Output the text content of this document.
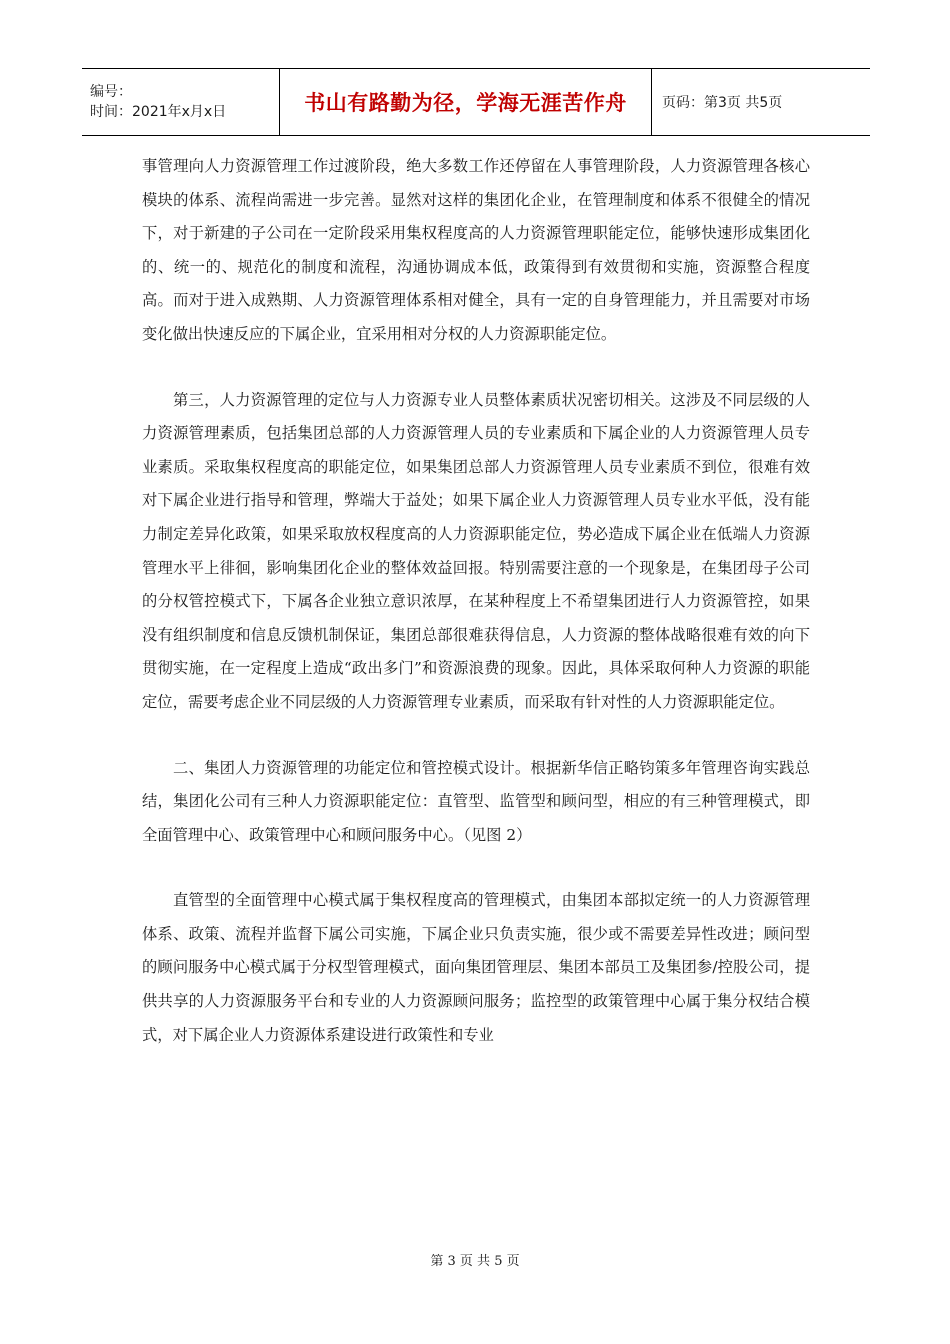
编号：
时间：2021年x月x日	书山有路勤为径，学海无涯苦作舟	页码：第3页 共5页

事管理向人力资源管理工作过渡阶段，绝大多数工作还停留在人事管理阶段，人力资源管理各核心模块的体系、流程尚需进一步完善。显然对这样的集团化企业，在管理制度和体系不很健全的情况下，对于新建的子公司在一定阶段采用集权程度高的人力资源管理职能定位，能够快速形成集团化的、统一的、规范化的制度和流程，沟通协调成本低，政策得到有效贯彻和实施，资源整合程度高。而对于进入成熟期、人力资源管理体系相对健全，具有一定的自身管理能力，并且需要对市场变化做出快速反应的下属企业，宜采用相对分权的人力资源职能定位。

第三，人力资源管理的定位与人力资源专业人员整体素质状况密切相关。这涉及不同层级的人力资源管理素质，包括集团总部的人力资源管理人员的专业素质和下属企业的人力资源管理人员专业素质。采取集权程度高的职能定位，如果集团总部人力资源管理人员专业素质不到位，很难有效对下属企业进行指导和管理，弊端大于益处；如果下属企业人力资源管理人员专业水平低，没有能力制定差异化政策，如果采取放权程度高的人力资源职能定位，势必造成下属企业在低端人力资源管理水平上徘徊，影响集团化企业的整体效益回报。特别需要注意的一个现象是，在集团母子公司的分权管控模式下，下属各企业独立意识浓厚，在某种程度上不希望集团进行人力资源管控，如果没有组织制度和信息反馈机制保证，集团总部很难获得信息，人力资源的整体战略很难有效的向下贯彻实施，在一定程度上造成“政出多门”和资源浪费的现象。因此，具体采取何种人力资源的职能定位，需要考虑企业不同层级的人力资源管理专业素质，而采取有针对性的人力资源职能定位。

二、集团人力资源管理的功能定位和管控模式设计。根据新华信正略钧策多年管理咨询实践总结，集团化公司有三种人力资源职能定位：直管型、监管型和顾问型，相应的有三种管理模式，即全面管理中心、政策管理中心和顾问服务中心。（见图 2）

直管型的全面管理中心模式属于集权程度高的管理模式，由集团本部拟定统一的人力资源管理体系、政策、流程并监督下属公司实施，下属企业只负责实施，很少或不需要差异性改进；顾问型的顾问服务中心模式属于分权型管理模式，面向集团管理层、集团本部员工及集团参/控股公司，提供共享的人力资源服务平台和专业的人力资源顾问服务；监控型的政策管理中心属于集分权结合模式，对下属企业人力资源体系建设进行政策性和专业

第 3 页 共 5 页
